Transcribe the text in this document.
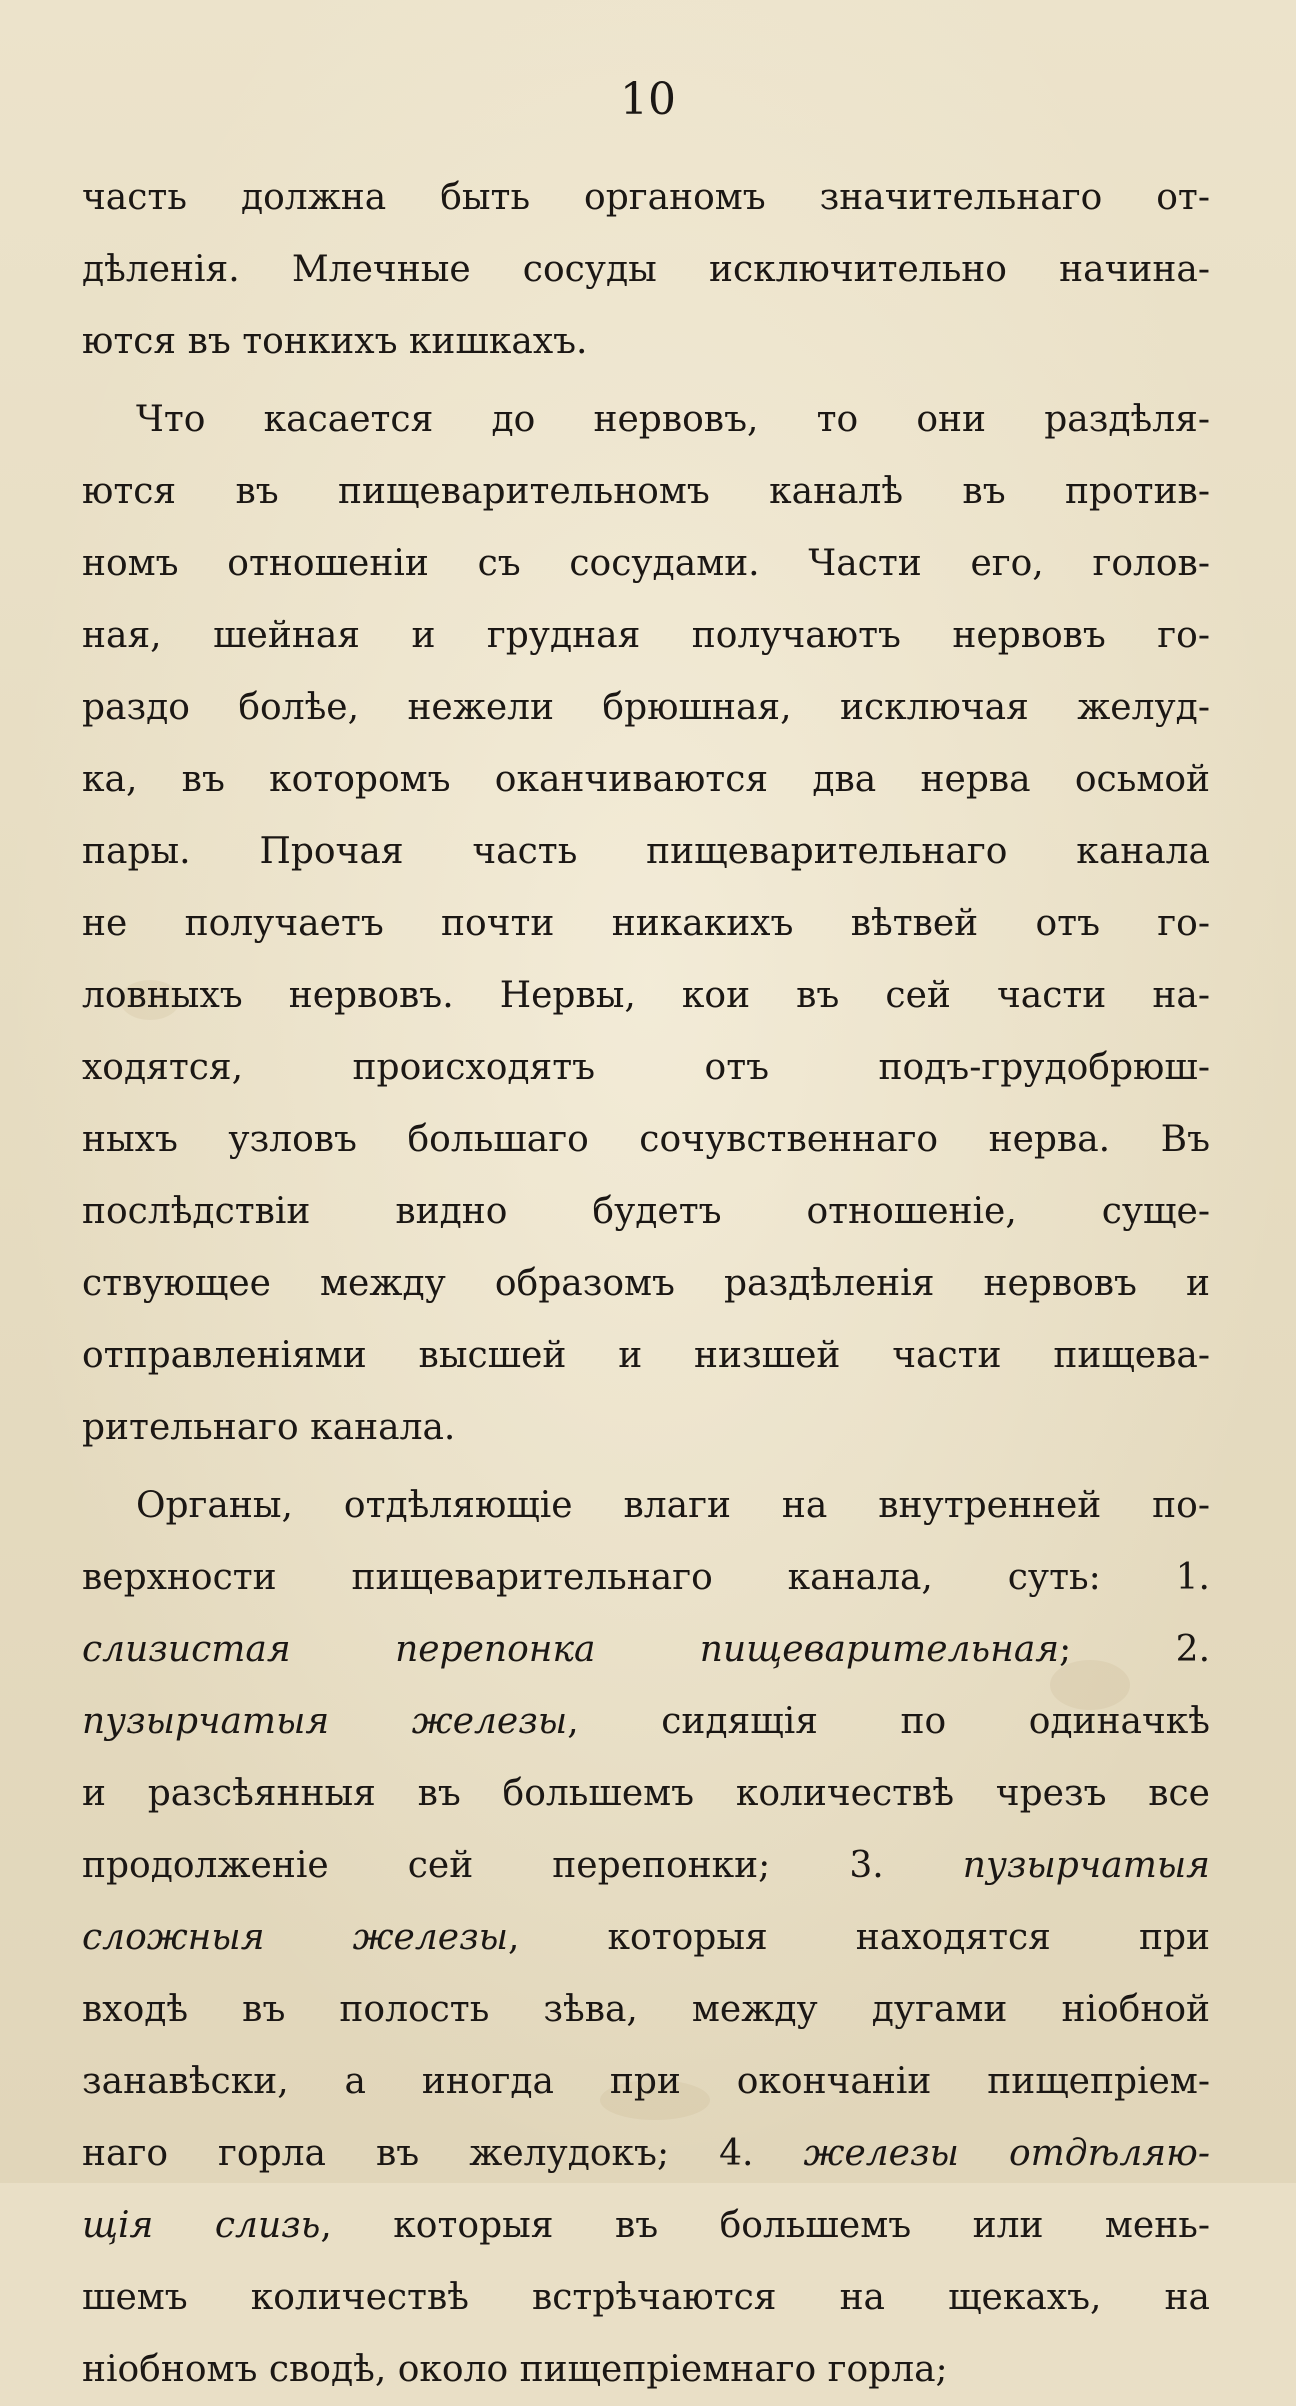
10
часть должна быть органомъ значительнаго от-
дѣленія. Млечные сосуды исключительно начина-
ются въ тонкихъ кишкахъ.
Что касается до нервовъ, то они раздѣля-
ются въ пищеварительномъ каналѣ въ против-
номъ отношеніи съ сосудами. Части его, голов-
ная, шейная и грудная получаютъ нервовъ го-
раздо болѣе, нежели брюшная, исключая желуд-
ка, въ которомъ оканчиваются два нерва осьмой
пары. Прочая часть пищеварительнаго канала
не получаетъ почти никакихъ вѣтвей отъ го-
ловныхъ нервовъ. Нервы, кои въ сей части на-
ходятся, происходятъ отъ подъ-грудобрюш-
ныхъ узловъ большаго сочувственнаго нерва. Въ
послѣдствіи видно будетъ отношеніе, суще-
ствующее между образомъ раздѣленія нервовъ и
отправленіями высшей и низшей части пищева-
рительнаго канала.
Органы, отдѣляющіе влаги на внутренней по-
верхности пищеварительнаго канала, суть: 1.
слизистая перепонка пищеварительная; 2.
пузырчатыя железы, сидящія по одиначкѣ
и разсѣянныя въ большемъ количествѣ чрезъ все
продолженіе сей перепонки; 3. пузырчатыя
сложныя железы, которыя находятся при
входѣ въ полость зѣва, между дугами ніобной
занавѣски, а иногда при окончаніи пищепріем-
наго горла въ желудокъ; 4. железы отдѣляю-
щія слизь, которыя въ большемъ или мень-
шемъ количествѣ встрѣчаются на щекахъ, на
ніобномъ сводѣ, около пищепріемнаго горла;
